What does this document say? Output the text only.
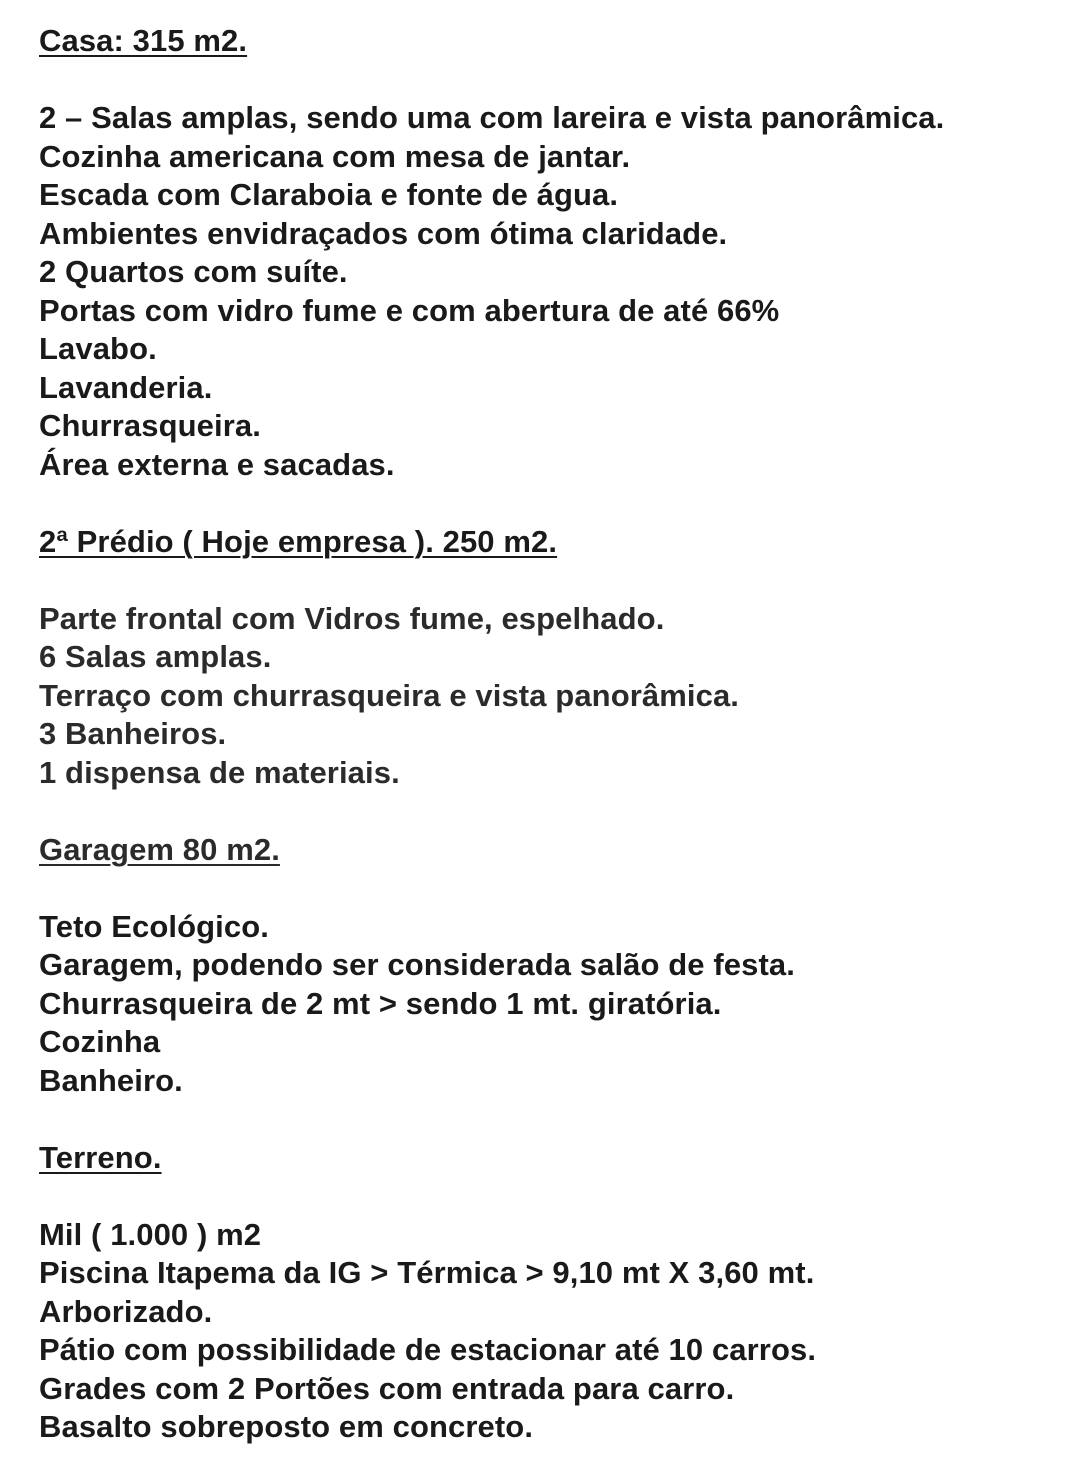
Casa: 315 m2.
2 – Salas amplas, sendo uma com lareira e vista panorâmica.
Cozinha americana com mesa de jantar.
Escada com Claraboia e fonte de água.
Ambientes envidraçados com ótima claridade.
2 Quartos com suíte.
Portas com vidro fume e com abertura de até 66%
Lavabo.
Lavanderia.
Churrasqueira.
Área externa e sacadas.
2ª Prédio ( Hoje empresa ). 250 m2.
Parte frontal com Vidros fume, espelhado.
6 Salas amplas.
Terraço com churrasqueira e vista panorâmica.
3 Banheiros.
1 dispensa de materiais.
Garagem 80 m2.
Teto Ecológico.
Garagem, podendo ser considerada salão de festa.
Churrasqueira de 2 mt > sendo 1 mt. giratória.
Cozinha
Banheiro.
Terreno.
Mil ( 1.000 ) m2
Piscina Itapema da IG > Térmica > 9,10 mt X 3,60 mt.
Arborizado.
Pátio com possibilidade de estacionar até 10 carros.
Grades com 2 Portões com entrada para carro.
Basalto sobreposto em concreto.
